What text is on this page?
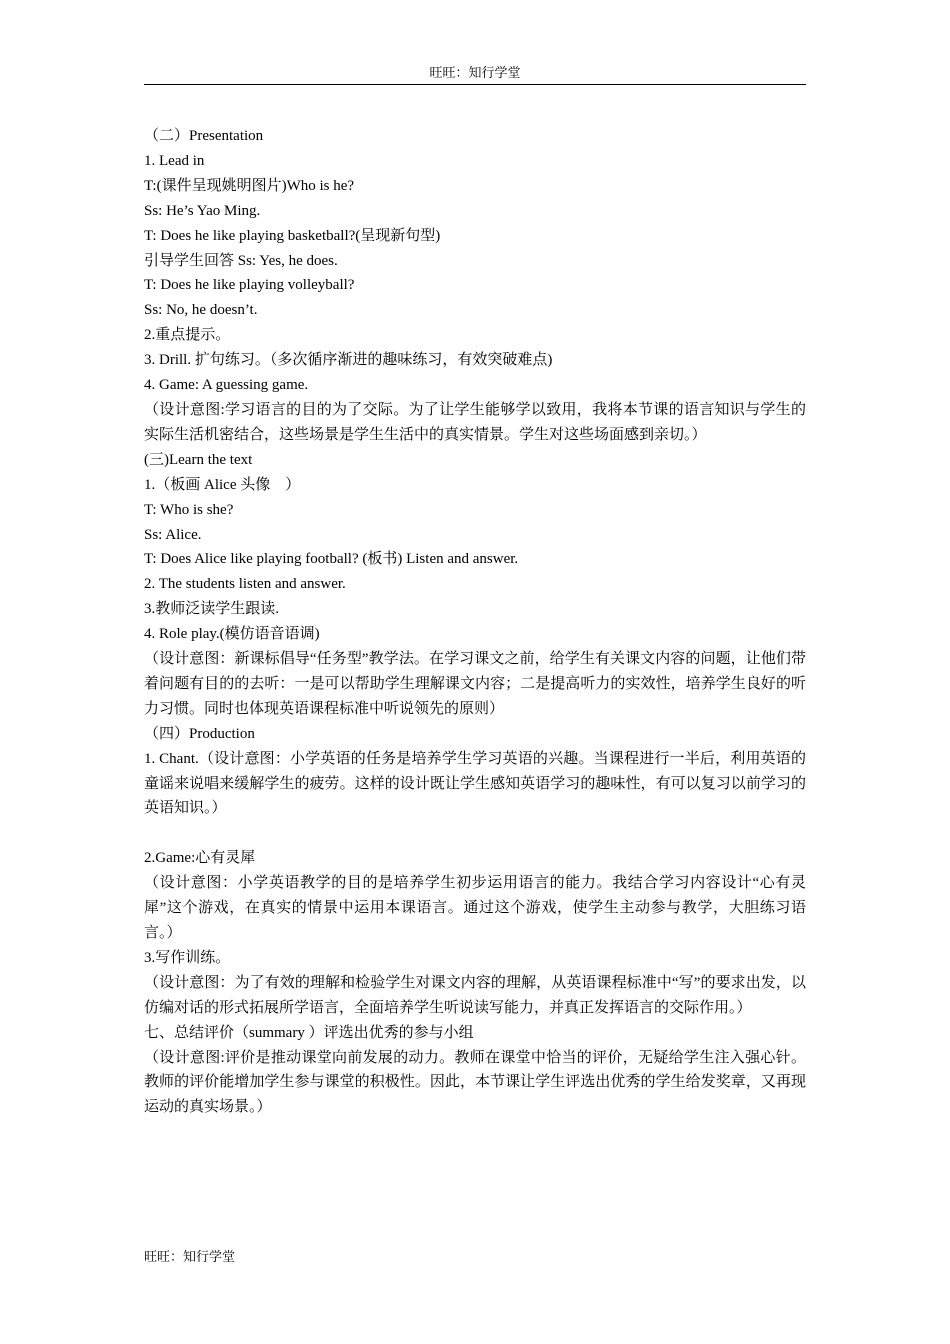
旺旺：知行学堂

（二）Presentation

1. Lead in

T:(课件呈现姚明图片)Who is he?

Ss: He’s Yao Ming.

T: Does he like playing basketball?(呈现新句型)

引导学生回答 Ss: Yes, he does.

T: Does he like playing volleyball?

Ss: No, he doesn’t.

2.重点提示。

3. Drill. 扩句练习。（多次循序渐进的趣味练习，有效突破难点)

4. Game: A guessing game.

（设计意图:学习语言的目的为了交际。为了让学生能够学以致用，我将本节课的语言知识与学生的实际生活机密结合，这些场景是学生生活中的真实情景。学生对这些场面感到亲切。）

(三)Learn the text

1.（板画 Alice 头像　）

T: Who is she?

Ss: Alice.

T: Does Alice like playing football? (板书) Listen and answer.

2. The students listen and answer.

3.教师泛读学生跟读.

4. Role play.(模仿语音语调)

（设计意图：新课标倡导“任务型”教学法。在学习课文之前，给学生有关课文内容的问题，让他们带着问题有目的的去听：一是可以帮助学生理解课文内容；二是提高听力的实效性，培养学生良好的听力习惯。同时也体现英语课程标准中听说领先的原则）

（四）Production

1. Chant.（设计意图：小学英语的任务是培养学生学习英语的兴趣。当课程进行一半后，利用英语的童谣来说唱来缓解学生的疲劳。这样的设计既让学生感知英语学习的趣味性，有可以复习以前学习的英语知识。）

2.Game:心有灵犀

（设计意图：小学英语教学的目的是培养学生初步运用语言的能力。我结合学习内容设计“心有灵犀”这个游戏，在真实的情景中运用本课语言。通过这个游戏，使学生主动参与教学，大胆练习语言。）

3.写作训练。

（设计意图：为了有效的理解和检验学生对课文内容的理解，从英语课程标准中“写”的要求出发，以仿编对话的形式拓展所学语言，全面培养学生听说读写能力，并真正发挥语言的交际作用。）

七、总结评价（summary ）评选出优秀的参与小组

（设计意图:评价是推动课堂向前发展的动力。教师在课堂中恰当的评价，无疑给学生注入强心针。教师的评价能增加学生参与课堂的积极性。因此，本节课让学生评选出优秀的学生给发奖章，又再现运动的真实场景。）

旺旺：知行学堂
